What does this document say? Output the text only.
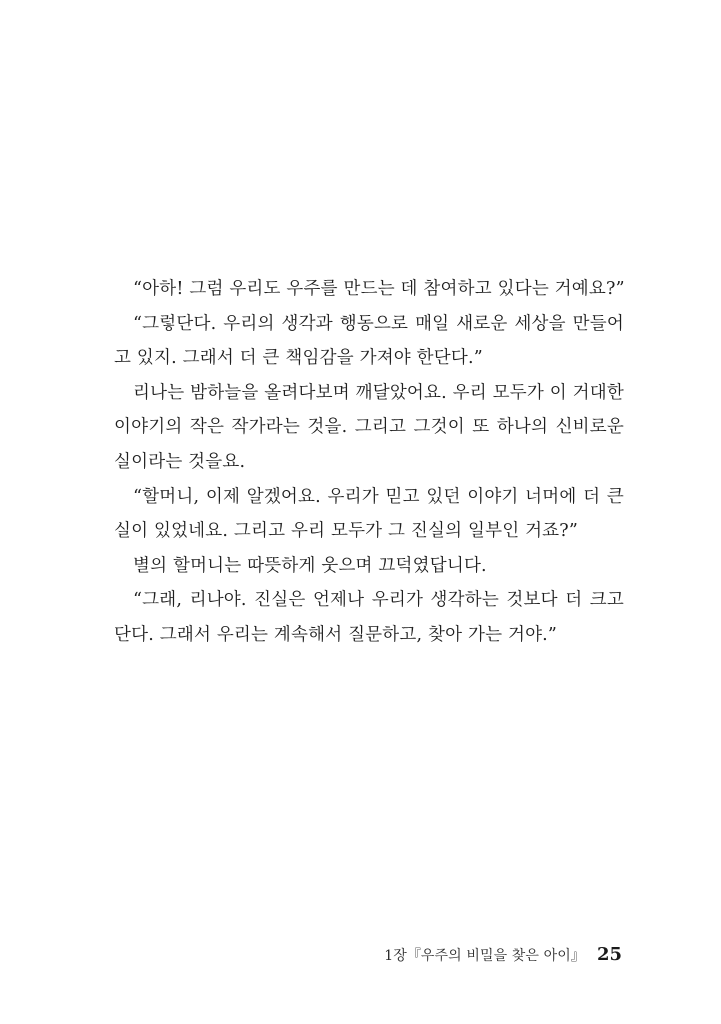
“아하! 그럼 우리도 우주를 만드는 데 참여하고 있다는 거예요?”
“그렇단다. 우리의 생각과 행동으로 매일 새로운 세상을 만들어
고 있지. 그래서 더 큰 책임감을 가져야 한단다.”
리나는 밤하늘을 올려다보며 깨달았어요. 우리 모두가 이 거대한
이야기의 작은 작가라는 것을. 그리고 그것이 또 하나의 신비로운
실이라는 것을요.
“할머니, 이제 알겠어요. 우리가 믿고 있던 이야기 너머에 더 큰
실이 있었네요. 그리고 우리 모두가 그 진실의 일부인 거죠?”
별의 할머니는 따뜻하게 웃으며 끄덕였답니다.
“그래, 리나야. 진실은 언제나 우리가 생각하는 것보다 더 크고
단다. 그래서 우리는 계속해서 질문하고, 찾아 가는 거야.”
1장『우주의 비밀을 찾은 아이』 25
